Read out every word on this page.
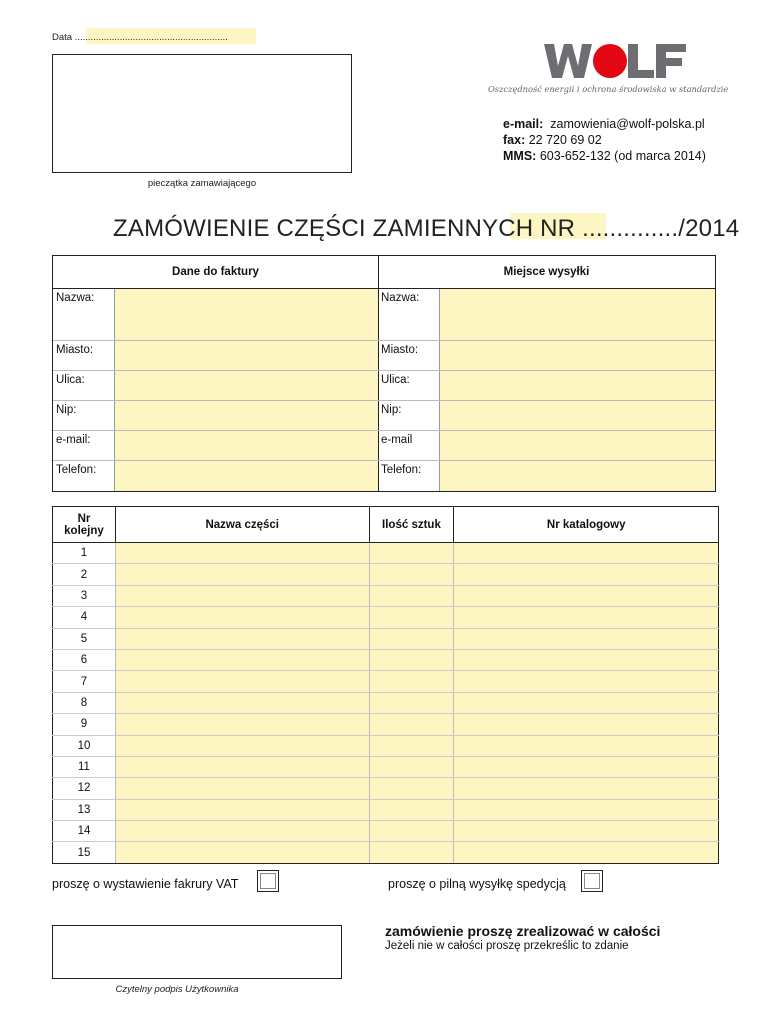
Data ..........................................................
pieczątka zamawiającego
Oszczędność energii i ochrona środowiska w standardzie
e-mail: zamowienia@wolf-polska.pl
fax: 22 720 69 02
MMS: 603-652-132 (od marca 2014)
ZAMÓWIENIE CZĘŚCI ZAMIENNYCH NR ............../2014
Dane do faktury
Nazwa:
Miasto:
Ulica:
Nip:
e-mail:
Telefon:
Miejsce wysyłki
Nazwa:
Miasto:
Ulica:
Nip:
e-mail
Telefon:
Nr kolejny	Nazwa części	Ilość sztuk	Nr katalogowy
1			
2			
3			
4			
5			
6			
7			
8			
9			
10			
11			
12			
13			
14			
15			
proszę o wystawienie fakrury VAT	proszę o pilną wysyłkę spedycją
Czytelny podpis Użytkownika
zamówienie proszę zrealizować w całości
Jeżeli nie w całości proszę przekreślic to zdanie
